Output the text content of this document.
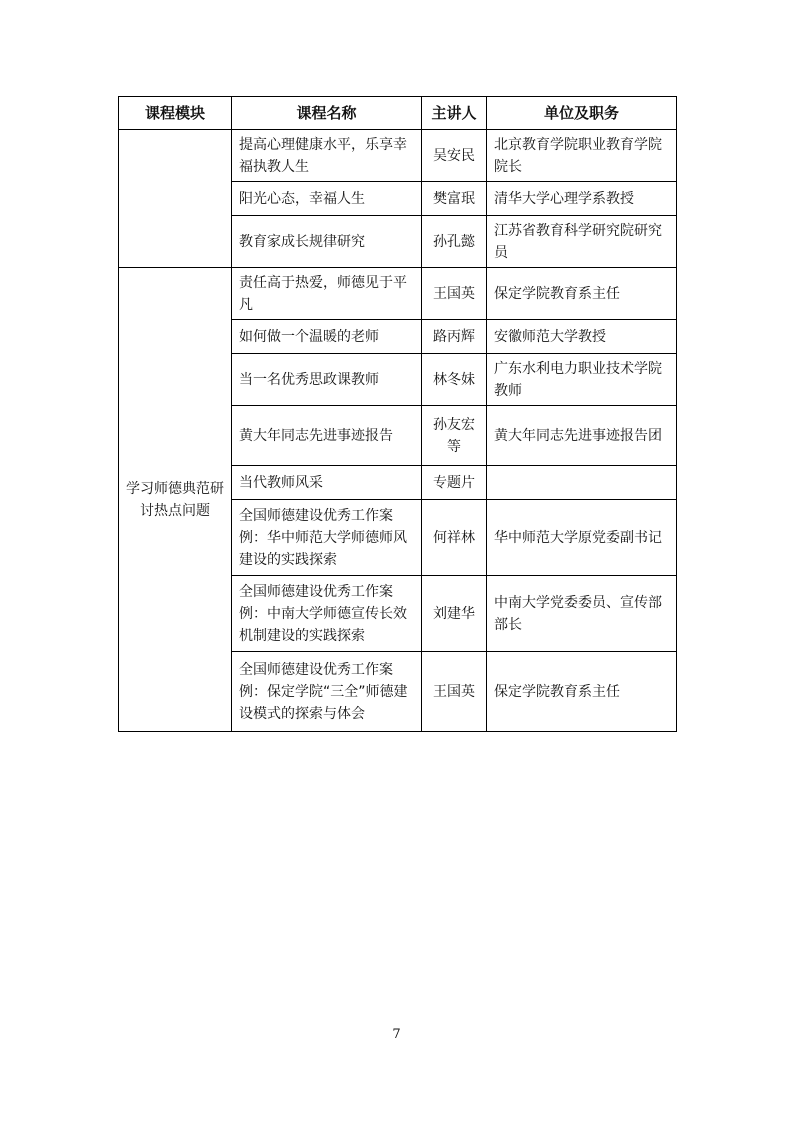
课程模块	课程名称	主讲人	单位及职务
	提高心理健康水平，乐享幸福执教人生	吴安民	北京教育学院职业教育学院院长
	阳光心态，幸福人生	樊富珉	清华大学心理学系教授
	教育家成长规律研究	孙孔懿	江苏省教育科学研究院研究员
学习师德典范研讨热点问题	责任高于热爱，师德见于平凡	王国英	保定学院教育系主任
	如何做一个温暖的老师	路丙辉	安徽师范大学教授
	当一名优秀思政课教师	林冬妹	广东水利电力职业技术学院教师
	黄大年同志先进事迹报告	孙友宏等	黄大年同志先进事迹报告团
	当代教师风采	专题片	
	全国师德建设优秀工作案例：华中师范大学师德师风建设的实践探索	何祥林	华中师范大学原党委副书记
	全国师德建设优秀工作案例：中南大学师德宣传长效机制建设的实践探索	刘建华	中南大学党委委员、宣传部部长
	全国师德建设优秀工作案例：保定学院“三全”师德建设模式的探索与体会	王国英	保定学院教育系主任
7
